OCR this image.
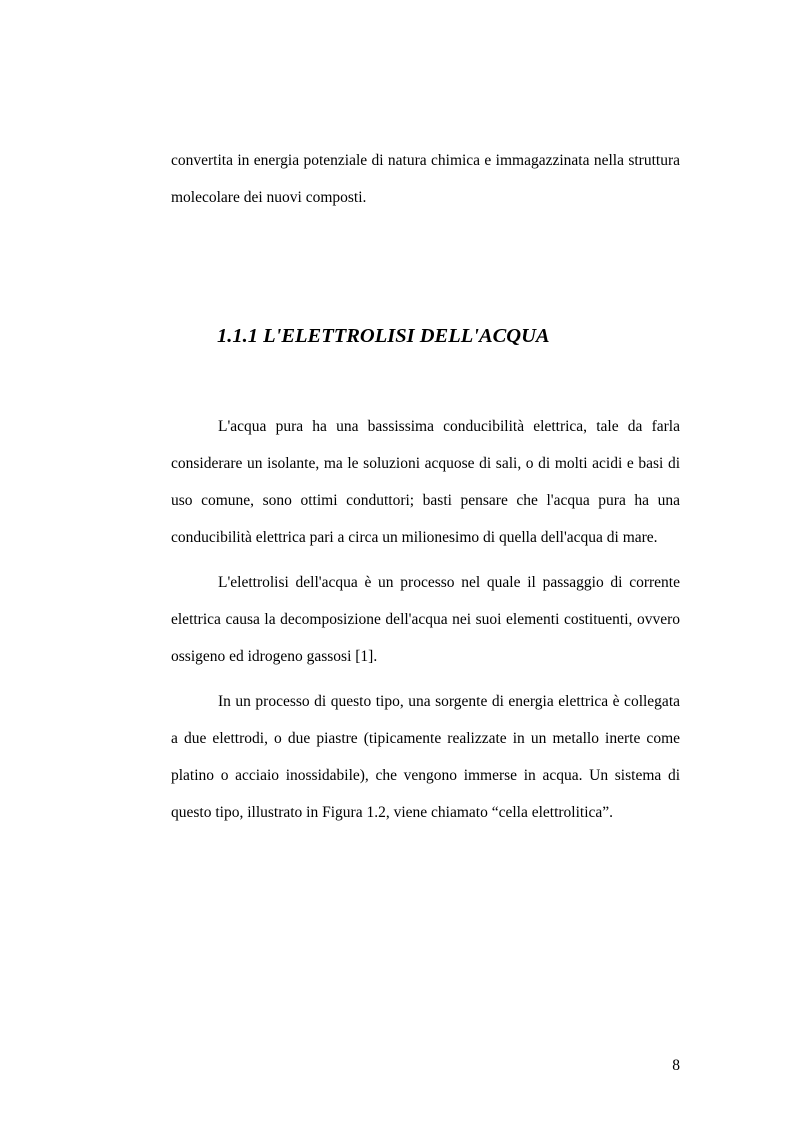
convertita in energia potenziale di natura chimica e immagazzinata nella struttura molecolare dei nuovi composti.

1.1.1 L'ELETTROLISI DELL'ACQUA

L'acqua pura ha una bassissima conducibilità elettrica, tale da farla considerare un isolante, ma le soluzioni acquose di sali, o di molti acidi e basi di uso comune, sono ottimi conduttori; basti pensare che l'acqua pura ha una conducibilità elettrica pari a circa un milionesimo di quella dell'acqua di mare.

L'elettrolisi dell'acqua è un processo nel quale il passaggio di corrente elettrica causa la decomposizione dell'acqua nei suoi elementi costituenti, ovvero ossigeno ed idrogeno gassosi [1].

In un processo di questo tipo, una sorgente di energia elettrica è collegata a due elettrodi, o due piastre (tipicamente realizzate in un metallo inerte come platino o acciaio inossidabile), che vengono immerse in acqua. Un sistema di questo tipo, illustrato in Figura 1.2, viene chiamato “cella elettrolitica”.

8
